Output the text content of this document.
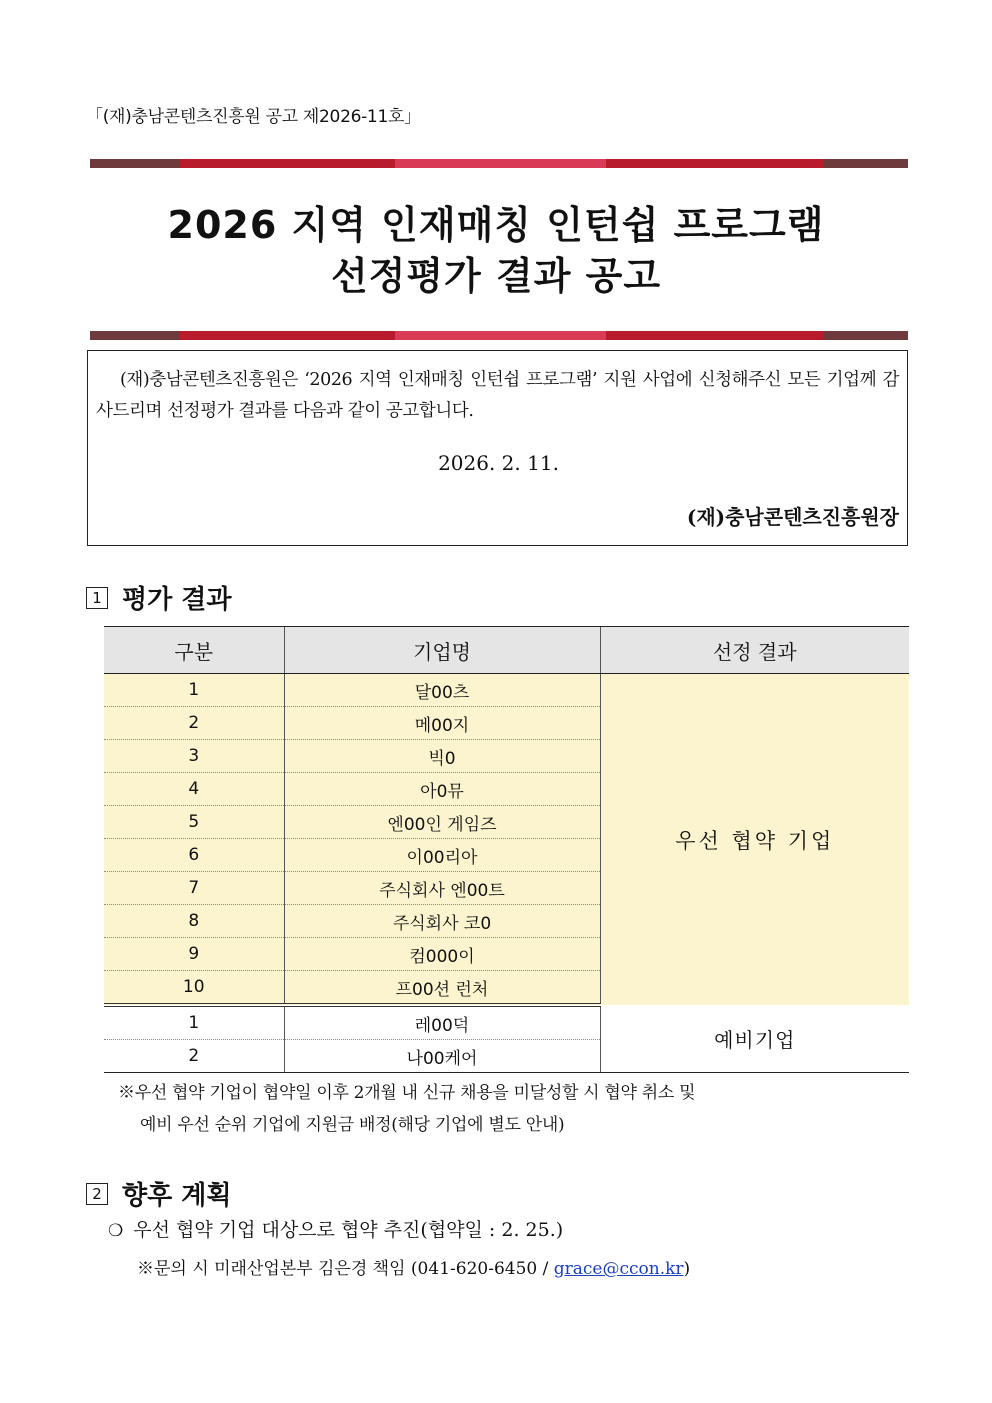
「(재)충남콘텐츠진흥원 공고 제2026-11호」
2026 지역 인재매칭 인턴쉽 프로그램
선정평가 결과 공고
(재)충남콘텐츠진흥원은 ‘2026 지역 인재매칭 인턴쉽 프로그램’ 지원 사업에 신청해주신 모든 기업께 감사드리며 선정평가 결과를 다음과 같이 공고합니다.
2026. 2. 11.
(재)충남콘텐츠진흥원장
1 평가 결과
구분	기업명	선정 결과
1	달00츠	우선 협약 기업
2	메00지	
3	빅0	
4	아0뮤	
5	엔00인 게임즈	
6	이00리아	
7	주식회사 엔00트	
8	주식회사 코0	
9	컴000이	
10	프00션 런처	
1	레00덕	예비기업
2	나00케어	
※우선 협약 기업이 협약일 이후 2개월 내 신규 채용을 미달성할 시 협약 취소 및
예비 우선 순위 기업에 지원금 배정(해당 기업에 별도 안내)
2 향후 계획
❍ 우선 협약 기업 대상으로 협약 추진(협약일 : 2. 25.)
※문의 시 미래산업본부 김은경 책임 (041-620-6450 / grace@ccon.kr)
